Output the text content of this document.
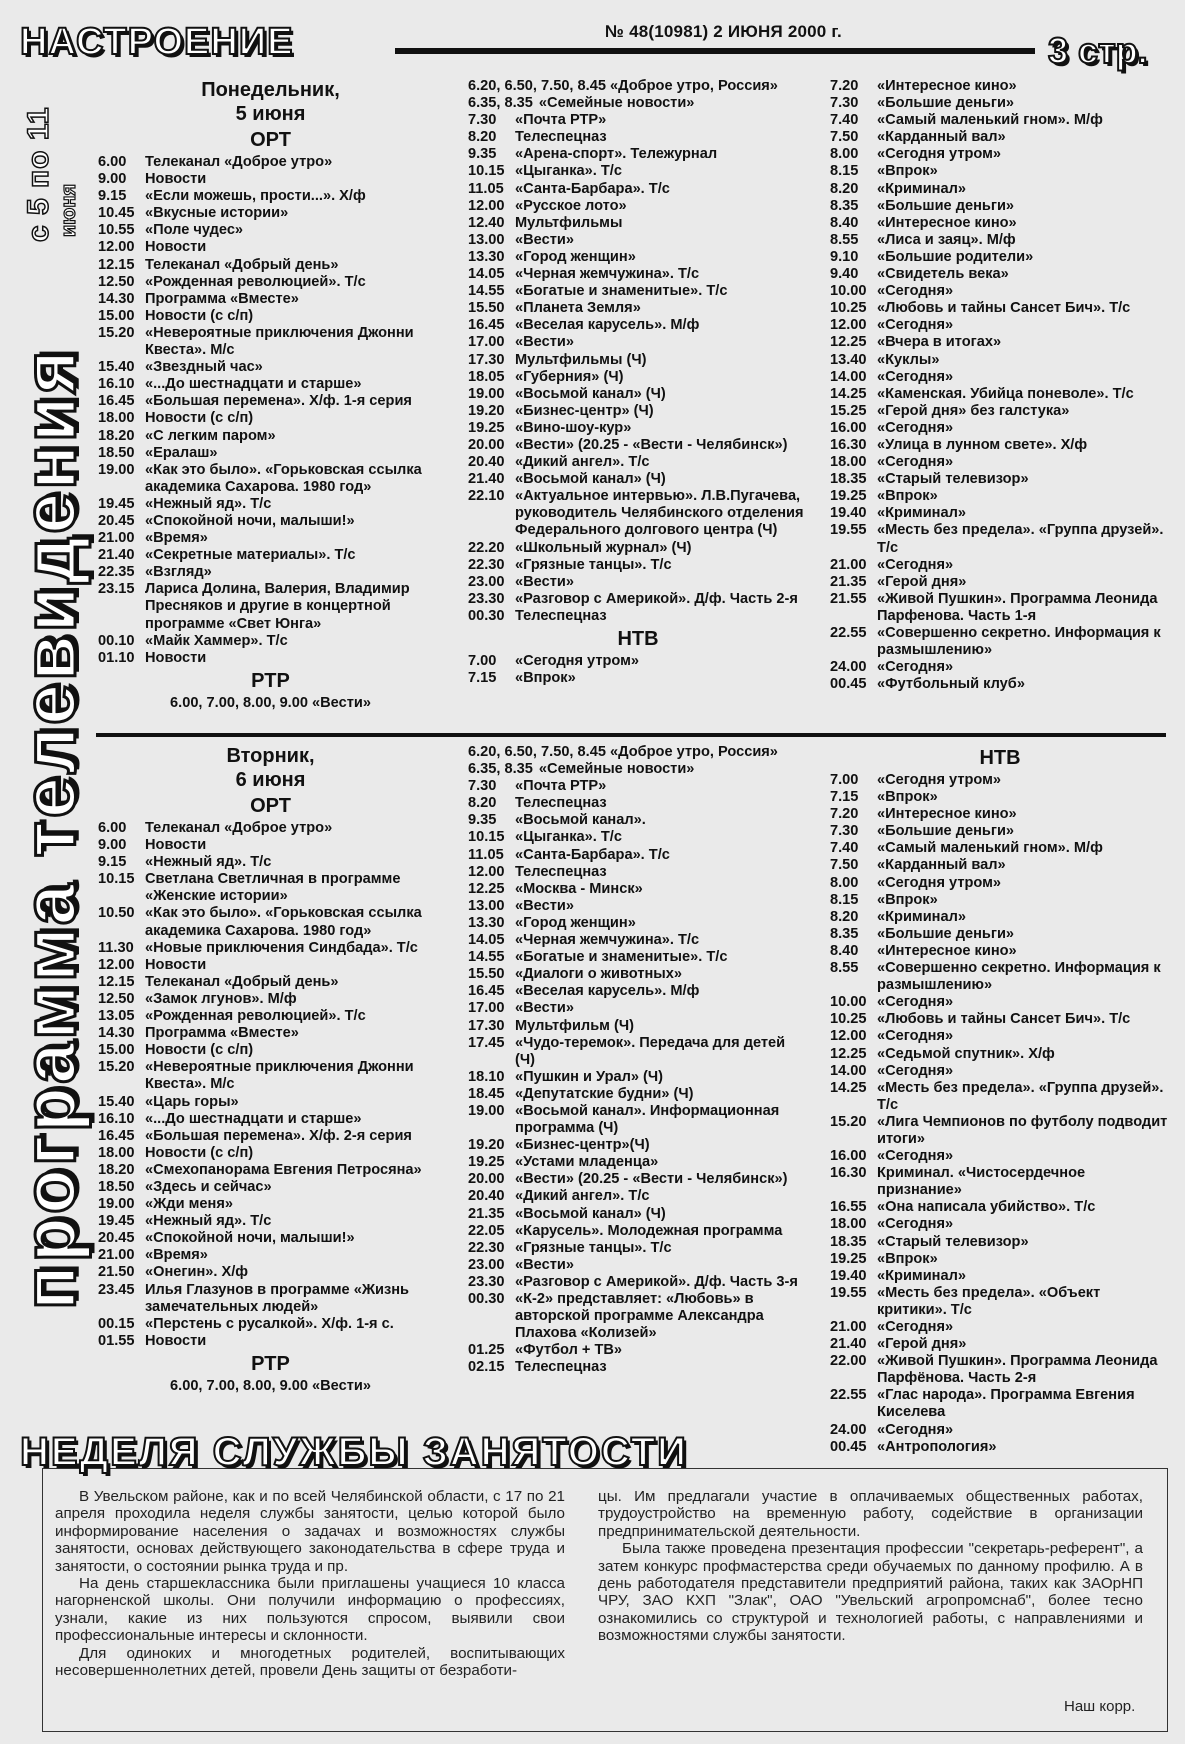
НАСТРОЕНИЕ	№ 48(10981) 2 ИЮНЯ 2000 г.	3 стр.
с 5 по 11 июня
программа телевидения

Понедельник,

5 июня

ОРТ

6.00	Телеканал «Доброе утро»
9.00	Новости
9.15	«Если можешь, прости...». Х/ф
10.45 «Вкусные истории»
10.55 «Поле чудес»
12.00 Новости
12.15 Телеканал «Добрый день»
12.50 «Рожденная революцией». Т/с
14.30 Программа «Вместе»
15.00 Новости (с с/п)
15.20 «Невероятные приключения Джонни Квеста». М/с
15.40 «Звездный час»
16.10 «...До шестнадцати и старше»
16.45 «Большая перемена». Х/ф. 1-я серия
18.00 Новости (с с/п)
18.20 «С легким паром»
18.50 «Ералаш»
19.00 «Как это было». «Горьковская ссылка академика Сахарова. 1980 год»
19.45 «Нежный яд». Т/с
20.45 «Спокойной ночи, малыши!»
21.00 «Время»
21.40 «Секретные материалы». Т/с
22.35 «Взгляд»
23.15 Лариса Долина, Валерия, Владимир Пресняков и другие в концертной программе «Свет Юнга»
00.10 «Майк Хаммер». Т/с
01.10 Новости

РТР

6.00, 7.00, 8.00, 9.00 «Вести»

6.20, 6.50, 7.50, 8.45 «Доброе утро, Россия»

6.35, 8.35 «Семейные новости»
7.30	«Почта РТР»
8.20	Телеспецназ
9.35	«Арена-спорт». Тележурнал
10.15 «Цыганка». Т/с
11.05 «Санта-Барбара». Т/с
12.00 «Русское лото»
12.40 Мультфильмы
13.00 «Вести»
13.30 «Город женщин»
14.05 «Черная жемчужина». Т/с
14.55 «Богатые и знаменитые». Т/с
15.50 «Планета Земля»
16.45 «Веселая карусель». М/ф
17.00 «Вести»
17.30 Мультфильмы (Ч)
18.05 «Губерния» (Ч)
19.00 «Восьмой канал» (Ч)
19.20 «Бизнес-центр» (Ч)
19.25 «Вино-шоу-кур»
20.00 «Вести» (20.25 - «Вести - Челябинск»)
20.40 «Дикий ангел». Т/с
21.40 «Восьмой канал» (Ч)
22.10 «Актуальное интервью». Л.В.Пугачева, руководитель Челябинского отделения Федерального долгового центра (Ч)
22.20 «Школьный журнал» (Ч)
22.30 «Грязные танцы». Т/с
23.00 «Вести»
23.30 «Разговор с Америкой». Д/ф. Часть 2-я
00.30 Телеспецназ

НТВ

7.00	«Сегодня утром»
7.15	«Впрок»
7.20	«Интересное кино»
7.30	«Большие деньги»
7.40	«Самый маленький гном». М/ф
7.50	«Карданный вал»
8.00	«Сегодня утром»
8.15	«Впрок»
8.20	«Криминал»
8.35	«Большие деньги»
8.40	«Интересное кино»
8.55	«Лиса и заяц». М/ф
9.10	«Большие родители»
9.40	«Свидетель века»
10.00 «Сегодня»
10.25 «Любовь и тайны Сансет Бич». Т/с
12.00 «Сегодня»
12.25 «Вчера в итогах»
13.40 «Куклы»
14.00 «Сегодня»
14.25 «Каменская. Убийца поневоле». Т/с
15.25 «Герой дня» без галстука»
16.00 «Сегодня»
16.30 «Улица в лунном свете». Х/ф
18.00 «Сегодня»
18.35 «Старый телевизор»
19.25 «Впрок»
19.40 «Криминал»
19.55 «Месть без предела». «Группа друзей». Т/с
21.00 «Сегодня»
21.35 «Герой дня»
21.55 «Живой Пушкин». Программа Леонида Парфенова. Часть 1-я
22.55 «Совершенно секретно. Информация к размышлению»
24.00 «Сегодня»
00.45 «Футбольный клуб»

Вторник,

6 июня

ОРТ

6.00	Телеканал «Доброе утро»
9.00	Новости
9.15	«Нежный яд». Т/с
10.15 Светлана Светличная в программе «Женские истории»
10.50 «Как это было». «Горьковская ссылка академика Сахарова. 1980 год»
11.30 «Новые приключения Синдбада». Т/с
12.00 Новости
12.15 Телеканал «Добрый день»
12.50 «Замок лгунов». М/ф
13.05 «Рожденная революцией». Т/с
14.30 Программа «Вместе»
15.00 Новости (с с/п)
15.20 «Невероятные приключения Джонни Квеста». М/с
15.40 «Царь горы»
16.10 «...До шестнадцати и старше»
16.45 «Большая перемена». Х/ф. 2-я серия
18.00 Новости (с с/п)
18.20 «Смехопанорама Евгения Петросяна»
18.50 «Здесь и сейчас»
19.00 «Жди меня»
19.45 «Нежный яд». Т/с
20.45 «Спокойной ночи, малыши!»
21.00 «Время»
21.50 «Онегин». Х/ф
23.45 Илья Глазунов в программе «Жизнь замечательных людей»
00.15 «Перстень с русалкой». Х/ф. 1-я с.
01.55 Новости

РТР

6.00, 7.00, 8.00, 9.00 «Вести»

6.20, 6.50, 7.50, 8.45 «Доброе утро, Россия»

6.35, 8.35 «Семейные новости»
7.30	«Почта РТР»
8.20	Телеспецназ
9.35	«Восьмой канал».
10.15 «Цыганка». Т/с
11.05 «Санта-Барбара». Т/с
12.00 Телеспецназ
12.25 «Москва - Минск»
13.00 «Вести»
13.30 «Город женщин»
14.05 «Черная жемчужина». Т/с
14.55 «Богатые и знаменитые». Т/с
15.50 «Диалоги о животных»
16.45 «Веселая карусель». М/ф
17.00 «Вести»
17.30 Мультфильм (Ч)
17.45 «Чудо-теремок». Передача для детей (Ч)
18.10 «Пушкин и Урал» (Ч)
18.45 «Депутатские будни» (Ч)
19.00 «Восьмой канал». Информационная программа (Ч)
19.20 «Бизнес-центр»(Ч)
19.25 «Устами младенца»
20.00 «Вести» (20.25 - «Вести - Челябинск»)
20.40 «Дикий ангел». Т/с
21.35 «Восьмой канал» (Ч)
22.05 «Карусель». Молодежная программа
22.30 «Грязные танцы». Т/с
23.00 «Вести»
23.30 «Разговор с Америкой». Д/ф. Часть 3-я
00.30 «К-2» представляет: «Любовь» в авторской программе Александра Плахова «Колизей»
01.25 «Футбол + ТВ»
02.15 Телеспецназ

НТВ

7.00	«Сегодня утром»
7.15	«Впрок»
7.20	«Интересное кино»
7.30	«Большие деньги»
7.40	«Самый маленький гном». М/ф
7.50	«Карданный вал»
8.00	«Сегодня утром»
8.15	«Впрок»
8.20	«Криминал»
8.35	«Большие деньги»
8.40	«Интересное кино»
8.55	«Совершенно секретно. Информация к размышлению»
10.00 «Сегодня»
10.25 «Любовь и тайны Сансет Бич». Т/с
12.00 «Сегодня»
12.25 «Седьмой спутник». Х/ф
14.00 «Сегодня»
14.25 «Месть без предела». «Группа друзей». Т/с
15.20 «Лига Чемпионов по футболу подводит итоги»
16.00 «Сегодня»
16.30 Криминал. «Чистосердечное признание»
16.55 «Она написала убийство». Т/с
18.00 «Сегодня»
18.35 «Старый телевизор»
19.25 «Впрок»
19.40 «Криминал»
19.55 «Месть без предела». «Объект критики». Т/с
21.00 «Сегодня»
21.40 «Герой дня»
22.00 «Живой Пушкин». Программа Леонида Парфёнова. Часть 2-я
22.55 «Глас народа». Программа Евгения Киселева
24.00 «Сегодня»
00.45 «Антропология»
НЕДЕЛЯ СЛУЖБЫ ЗАНЯТОСТИ

В Увельском районе, как и по всей Челябинской области, с 17 по 21 апреля проходила неделя службы занятости, целью которой было информирование населения о задачах и возможностях службы занятости, основах действующего законодательства в сфере труда и занятости, о состоянии рынка труда и пр.

На день старшеклассника были приглашены учащиеся 10 класса нагорненской школы. Они получили информацию о профессиях, узнали, какие из них пользуются спросом, выявили свои профессиональные интересы и склонности.

Для одиноких и многодетных родителей, воспитывающих несовершеннолетних детей, провели День защиты от безработи-

цы. Им предлагали участие в оплачиваемых общественных работах, трудоустройство на временную работу, содействие в организации предпринимательской деятельности.

Была также проведена презентация профессии "секретарь-референт", а затем конкурс профмастерства среди обучаемых по данному профилю. А в день работодателя представители предприятий района, таких как ЗАОрНП ЧРУ, ЗАО КХП "Злак", ОАО "Увельский агропромснаб", более тесно ознакомились со структурой и технологией работы, с направлениями и возможностями службы занятости.

Наш корр.
